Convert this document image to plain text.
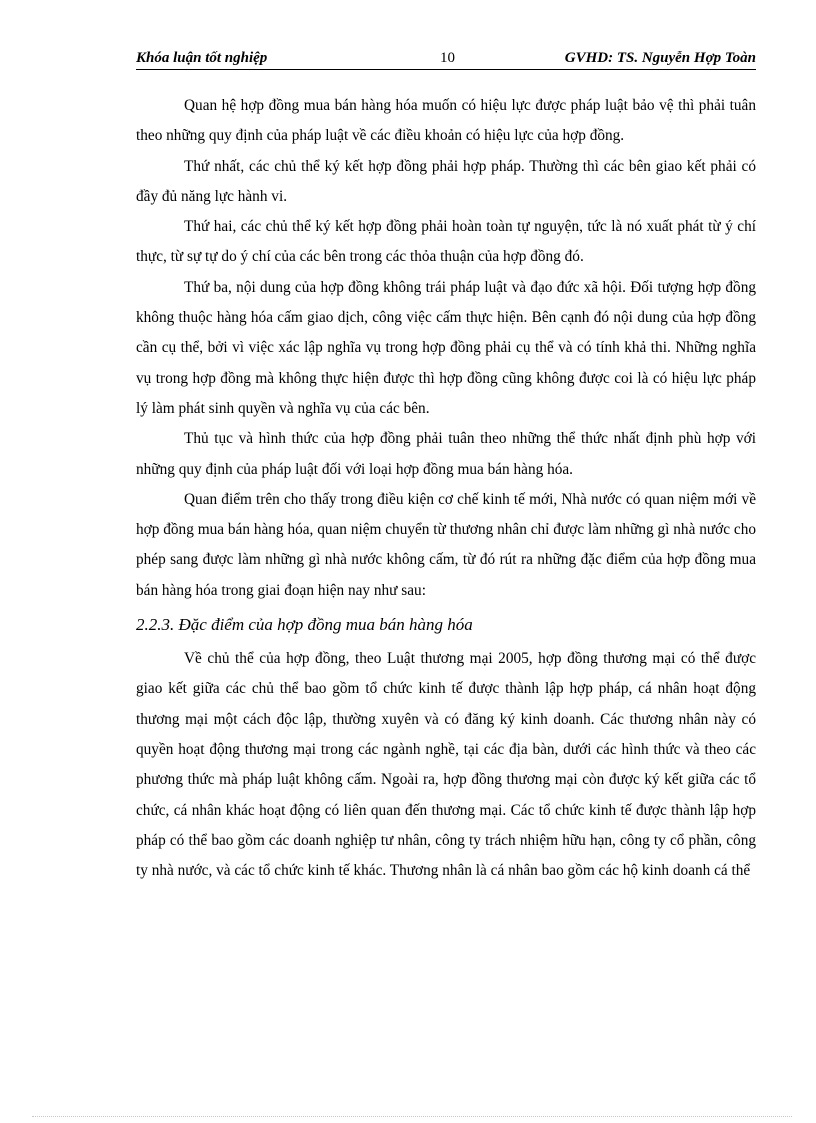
Khóa luận tốt nghiệp	10	GVHD: TS. Nguyễn Hợp Toàn

Quan hệ hợp đồng mua bán hàng hóa muốn có hiệu lực được pháp luật bảo vệ thì phải tuân theo những quy định của pháp luật về các điều khoản có hiệu lực của hợp đồng.

Thứ nhất, các chủ thể ký kết hợp đồng phải hợp pháp. Thường thì các bên giao kết phải có đầy đủ năng lực hành vi.

Thứ hai, các chủ thể ký kết hợp đồng phải hoàn toàn tự nguyện, tức là nó xuất phát từ ý chí thực, từ sự tự do ý chí của các bên trong các thỏa thuận của hợp đồng đó.

Thứ ba, nội dung của hợp đồng không trái pháp luật và đạo đức xã hội. Đối tượng hợp đồng không thuộc hàng hóa cấm giao dịch, công việc cấm thực hiện. Bên cạnh đó nội dung của hợp đồng cần cụ thể, bởi vì việc xác lập nghĩa vụ trong hợp đồng phải cụ thể và có tính khả thi. Những nghĩa vụ trong hợp đồng mà không thực hiện được thì hợp đồng cũng không được coi là có hiệu lực pháp lý làm phát sinh quyền và nghĩa vụ của các bên.

Thủ tục và hình thức của hợp đồng phải tuân theo những thể thức nhất định phù hợp với những quy định của pháp luật đối với loại hợp đồng mua bán hàng hóa.

Quan điểm trên cho thấy trong điều kiện cơ chế kinh tế mới, Nhà nước có quan niệm mới về hợp đồng mua bán hàng hóa, quan niệm chuyển từ thương nhân chỉ được làm những gì nhà nước cho phép sang được làm những gì nhà nước không cấm, từ đó rút ra những đặc điểm của hợp đồng mua bán hàng hóa trong giai đoạn hiện nay như sau:

2.2.3. Đặc điểm của hợp đồng mua bán hàng hóa

Về chủ thể của hợp đồng, theo Luật thương mại 2005, hợp đồng thương mại có thể được giao kết giữa các chủ thể bao gồm tổ chức kinh tế được thành lập hợp pháp, cá nhân hoạt động thương mại một cách độc lập, thường xuyên và có đăng ký kinh doanh. Các thương nhân này có quyền hoạt động thương mại trong các ngành nghề, tại các địa bàn, dưới các hình thức và theo các phương thức mà pháp luật không cấm. Ngoài ra, hợp đồng thương mại còn được ký kết giữa các tổ chức, cá nhân khác hoạt động có liên quan đến thương mại. Các tổ chức kinh tế được thành lập hợp pháp có thể bao gồm các doanh nghiệp tư nhân, công ty trách nhiệm hữu hạn, công ty cổ phần, công ty nhà nước, và các tổ chức kinh tế khác. Thương nhân là cá nhân bao gồm các hộ kinh doanh cá thể
